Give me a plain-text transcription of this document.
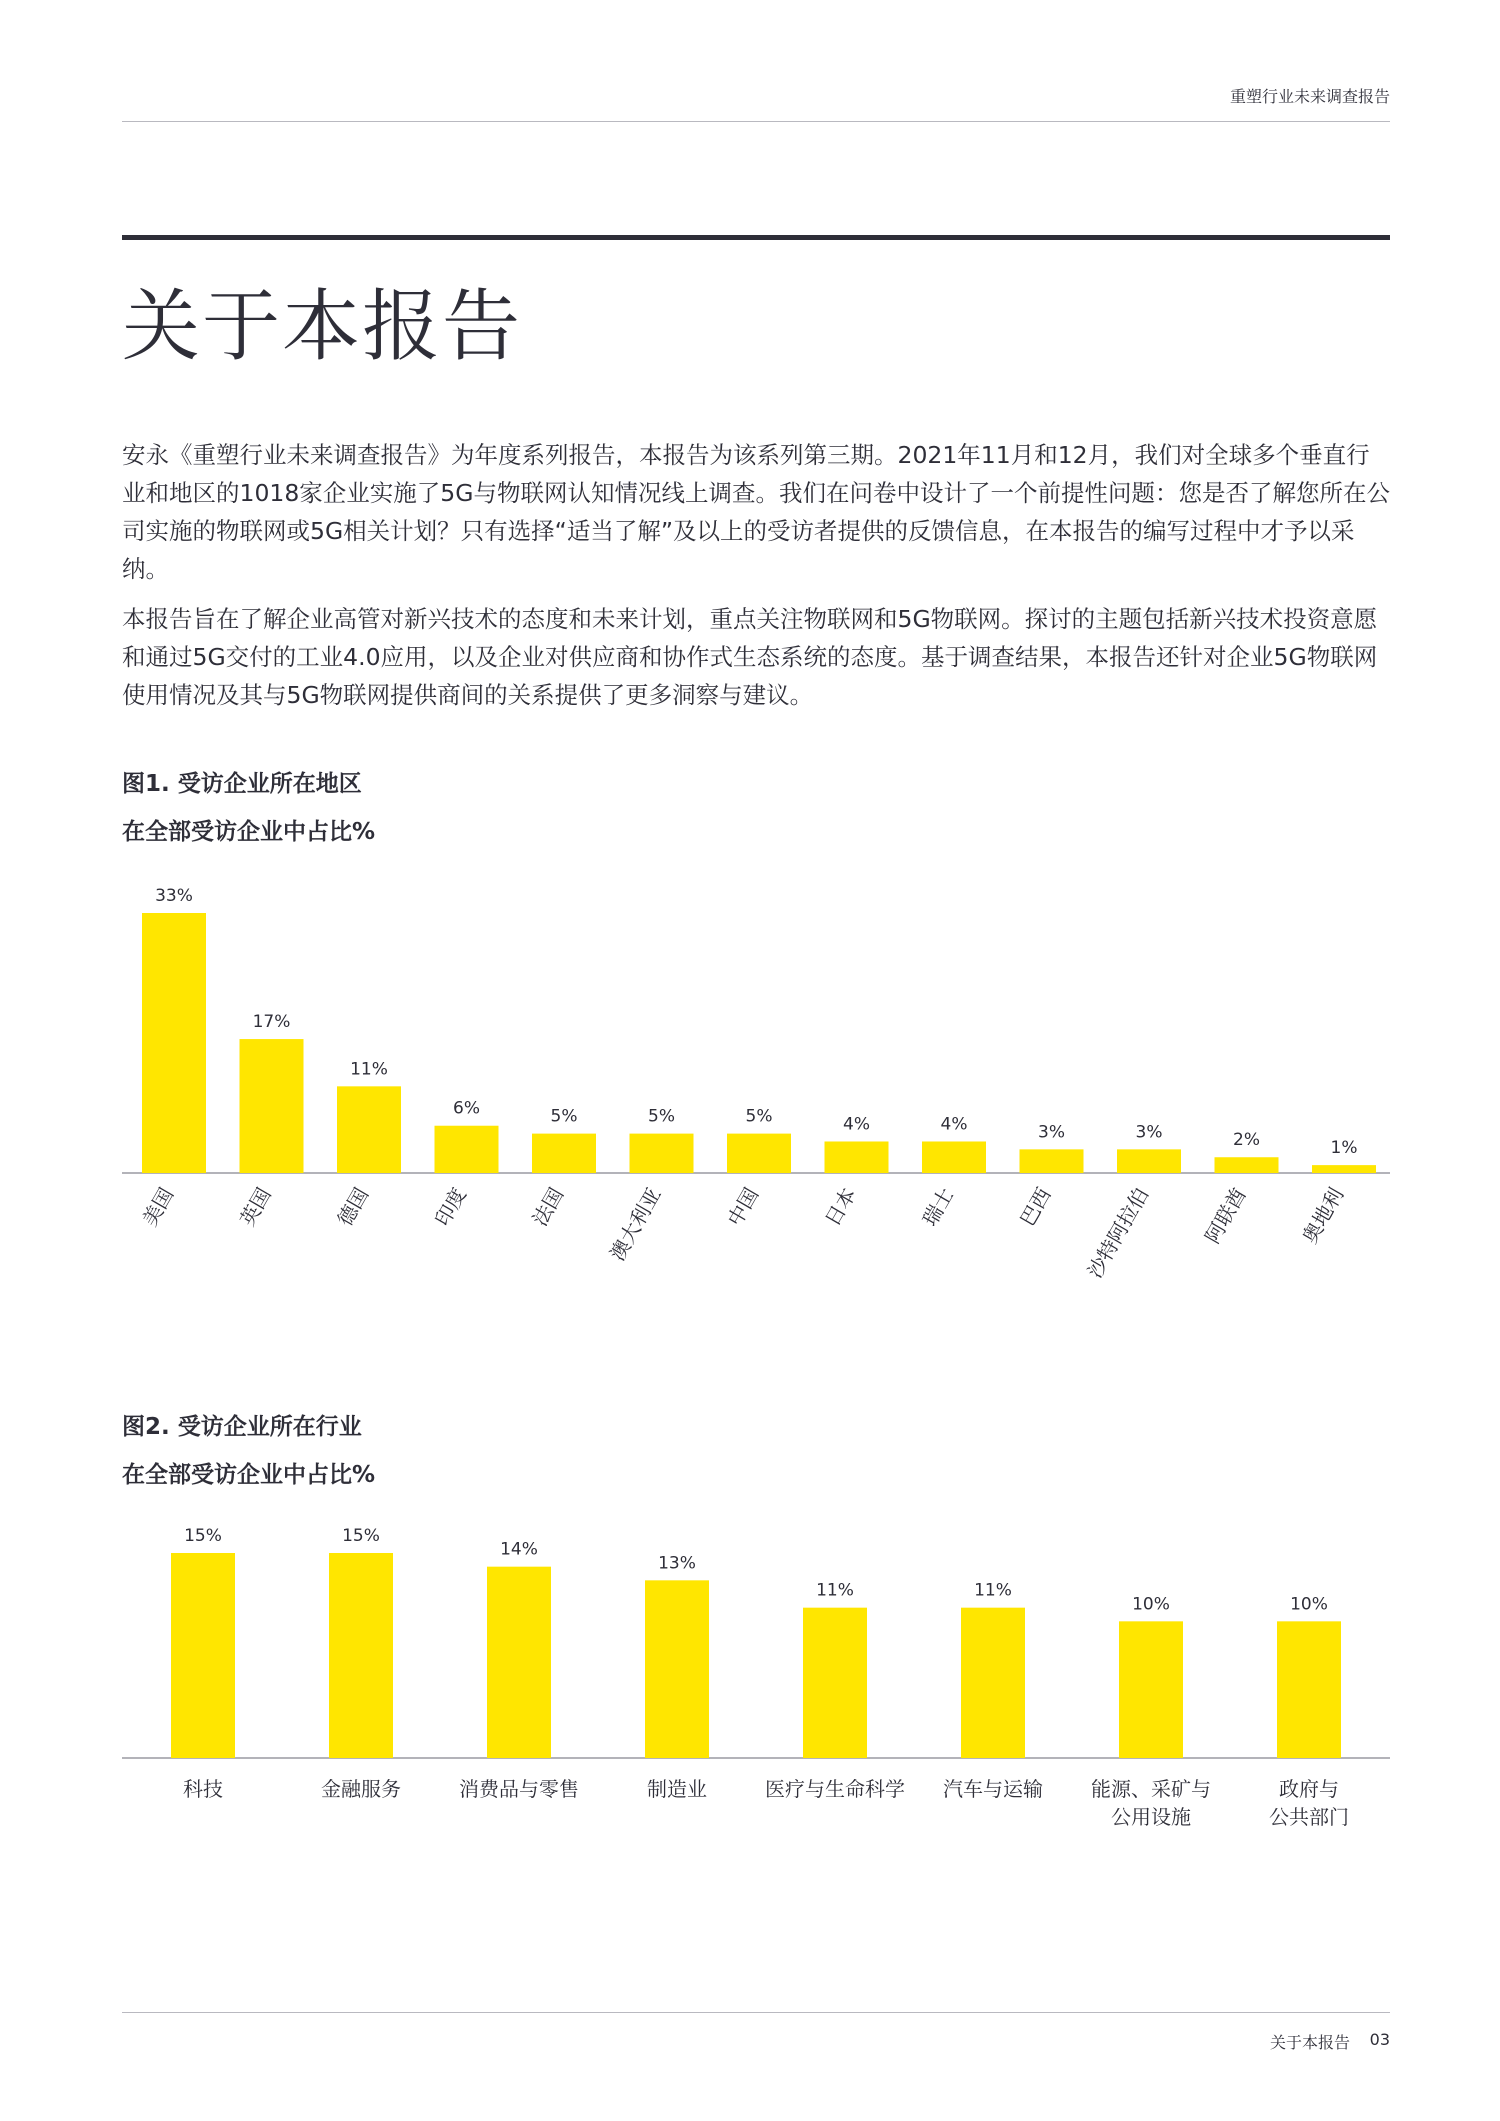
重塑行业未来调查报告
关于本报告

安永《重塑行业未来调查报告》为年度系列报告，本报告为该系列第三期。2021年11月和12月，我们对全球多个垂直行业和地区的1018家企业实施了5G与物联网认知情况线上调查。我们在问卷中设计了一个前提性问题：您是否了解您所在公司实施的物联网或5G相关计划？只有选择“适当了解”及以上的受访者提供的反馈信息，在本报告的编写过程中才予以采纳。

本报告旨在了解企业高管对新兴技术的态度和未来计划，重点关注物联网和5G物联网。探讨的主题包括新兴技术投资意愿和通过5G交付的工业4.0应用，以及企业对供应商和协作式生态系统的态度。基于调查结果，本报告还针对企业5G物联网使用情况及其与5G物联网提供商间的关系提供了更多洞察与建议。

图1. 受访企业所在地区
在全部受访企业中占比%
33%
美国
17%
英国
11%
德国
6%
印度
5%
法国
5%
澳大利亚
5%
中国
4%
日本
4%
瑞士
3%
巴西
3%
沙特阿拉伯
2%
阿联酋
1%
奥地利
图2. 受访企业所在行业
在全部受访企业中占比%
15%
科技
15%
金融服务
14%
消费品与零售
13%
制造业
11%
医疗与生命科学
11%
汽车与运输
10%
能源、采矿与公用设施
10%
政府与公共部门
关于本报告 03
